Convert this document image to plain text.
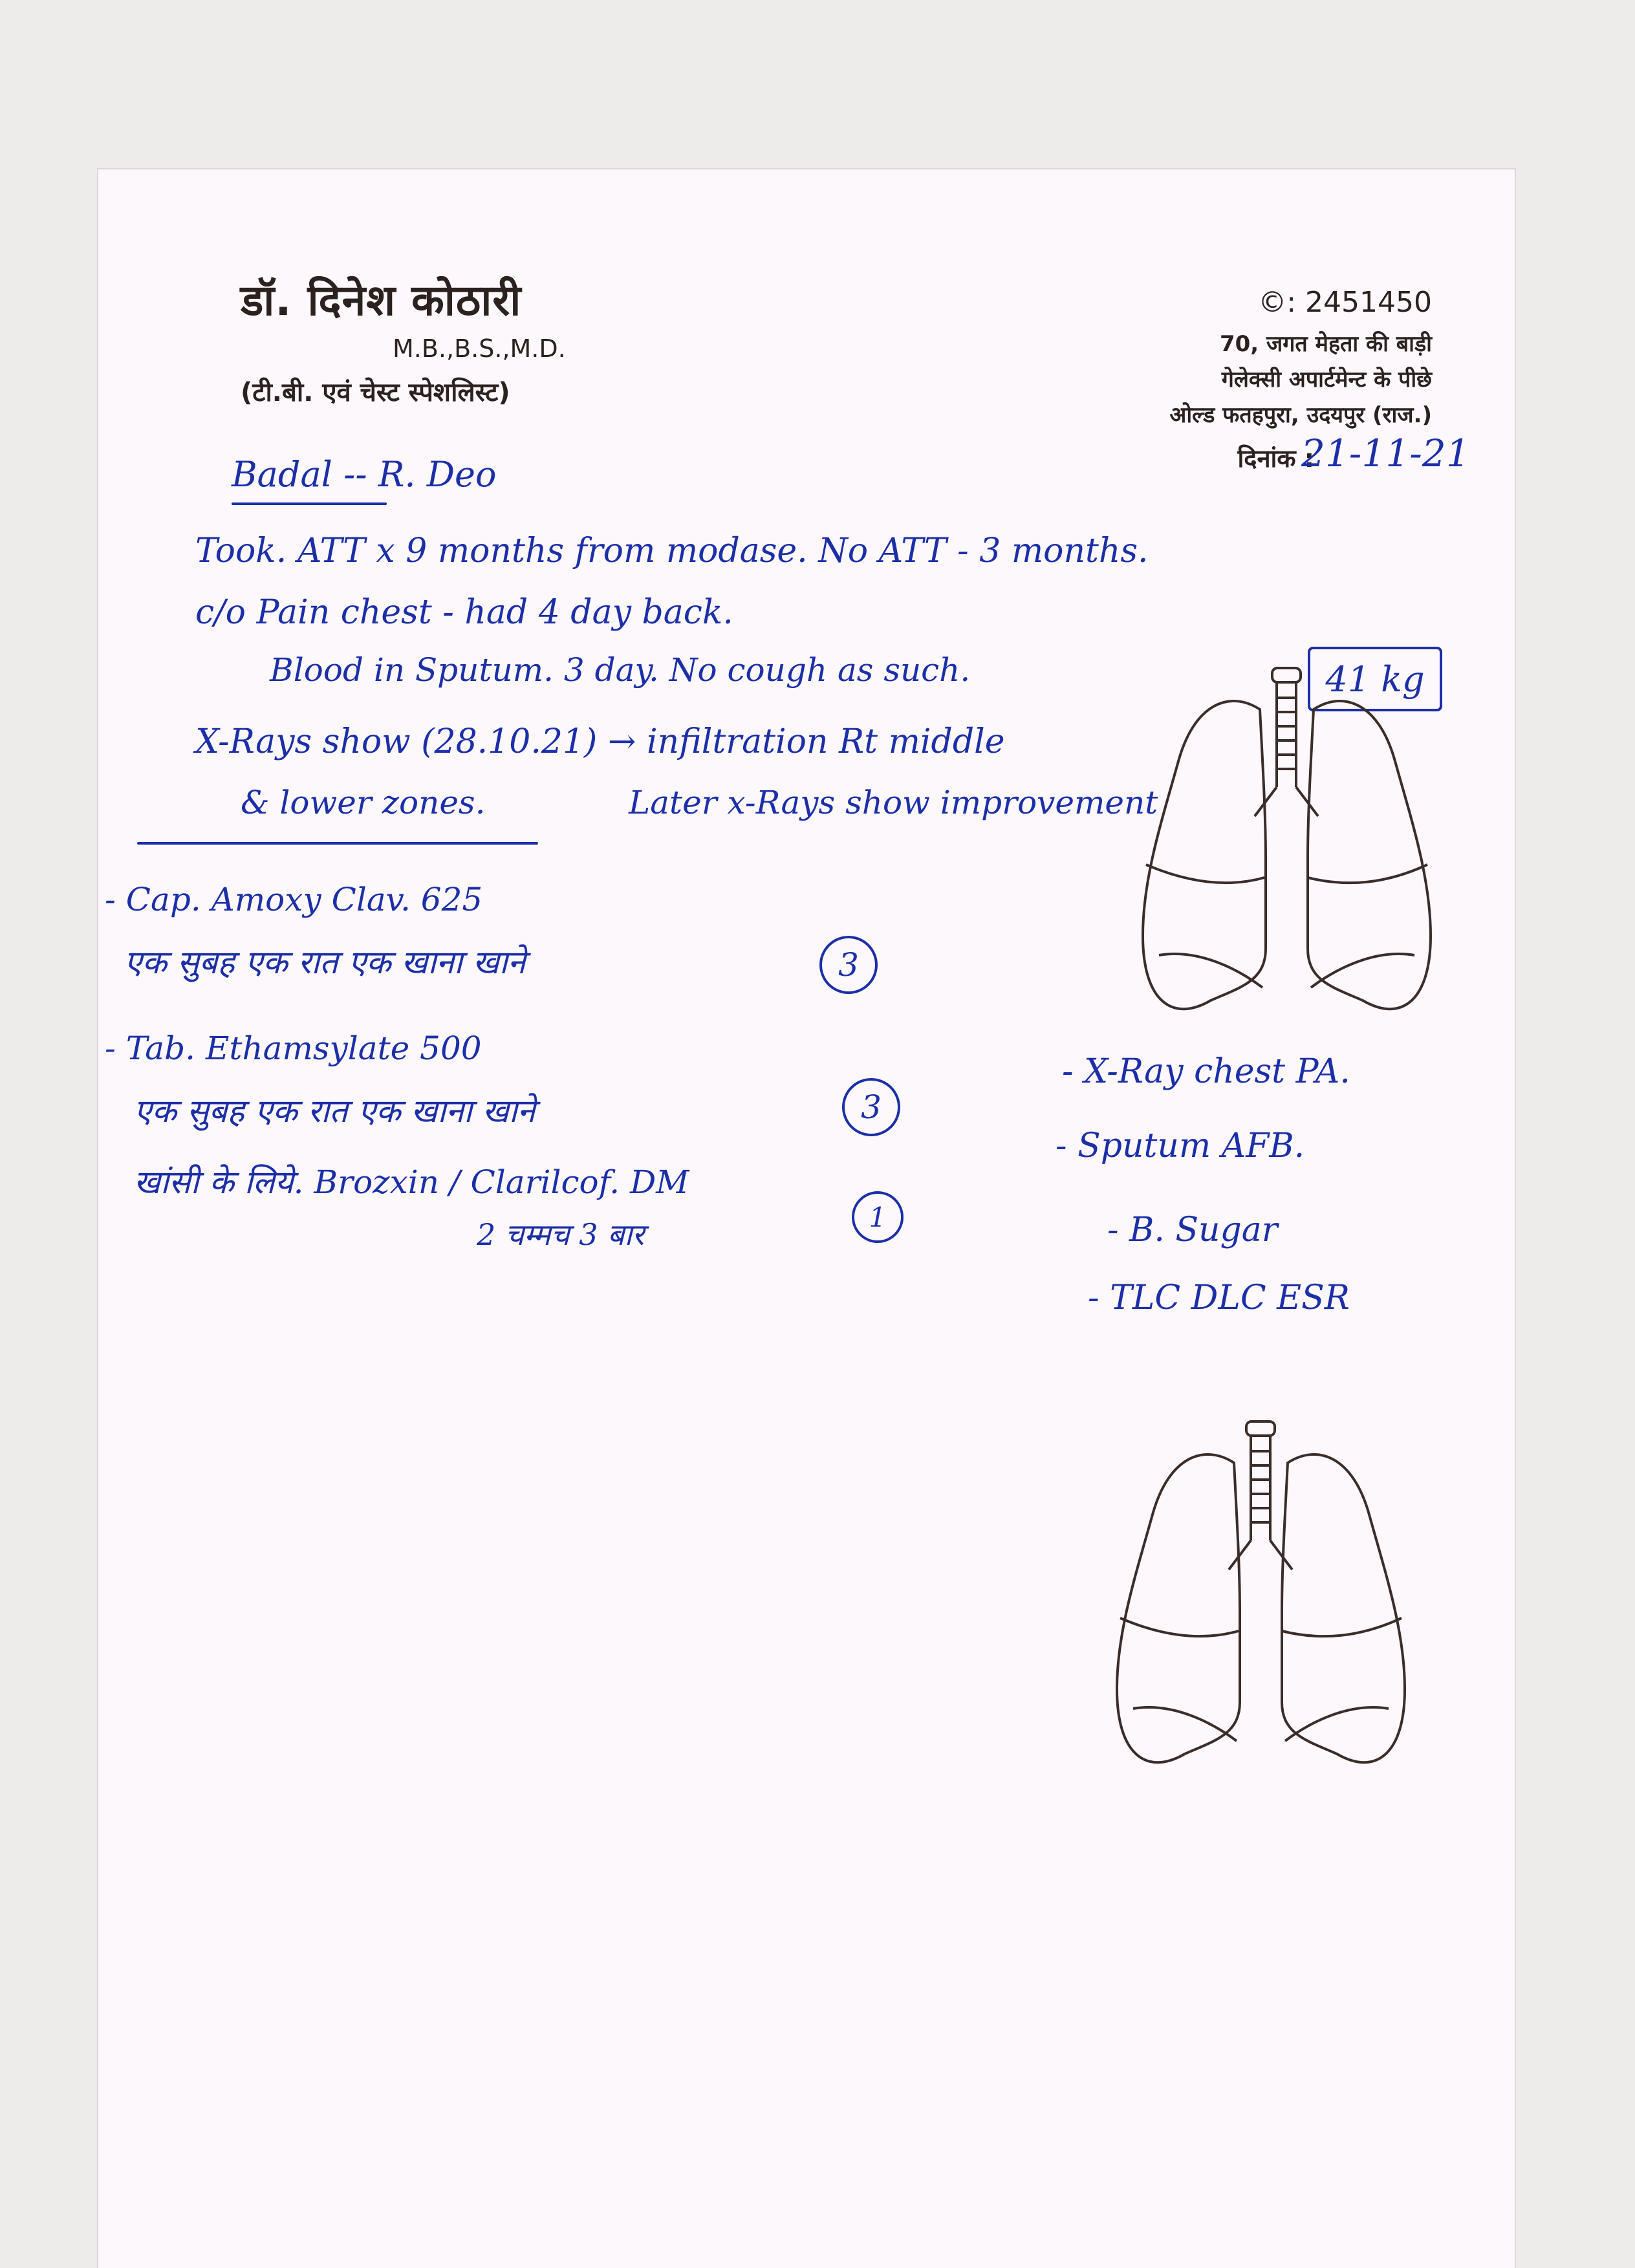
डॉ. दिनेश कोठारी
M.B.,B.S.,M.D.
(टी.बी. एवं चेस्ट स्पेशलिस्ट)
©: 2451450
70, जगत मेहता की बाड़ी
गेलेक्सी अपार्टमेन्ट के पीछे
ओल्ड फतहपुरा, उदयपुर (राज.)
दिनांक :
21-11-21
Badal -- R. Deo
Took. ATT x 9 months from modase. No ATT - 3 months.
c/o Pain chest - had 4 day back.
Blood in Sputum. 3 day. No cough as such.
X-Rays show (28.10.21) → infiltration Rt middle
& lower zones.	Later x-Rays show improvement
41 kg
- Cap. Amoxy Clav. 625
एक सुबह एक रात एक खाना खाने	3
- Tab. Ethamsylate 500
एक सुबह एक रात एक खाना खाने	3
खांसी के लिये. Brozxin / Clarilcof. DM
2 चम्मच 3 बार	1
- X-Ray chest PA.
- Sputum AFB.
- B. Sugar
- TLC DLC ESR
